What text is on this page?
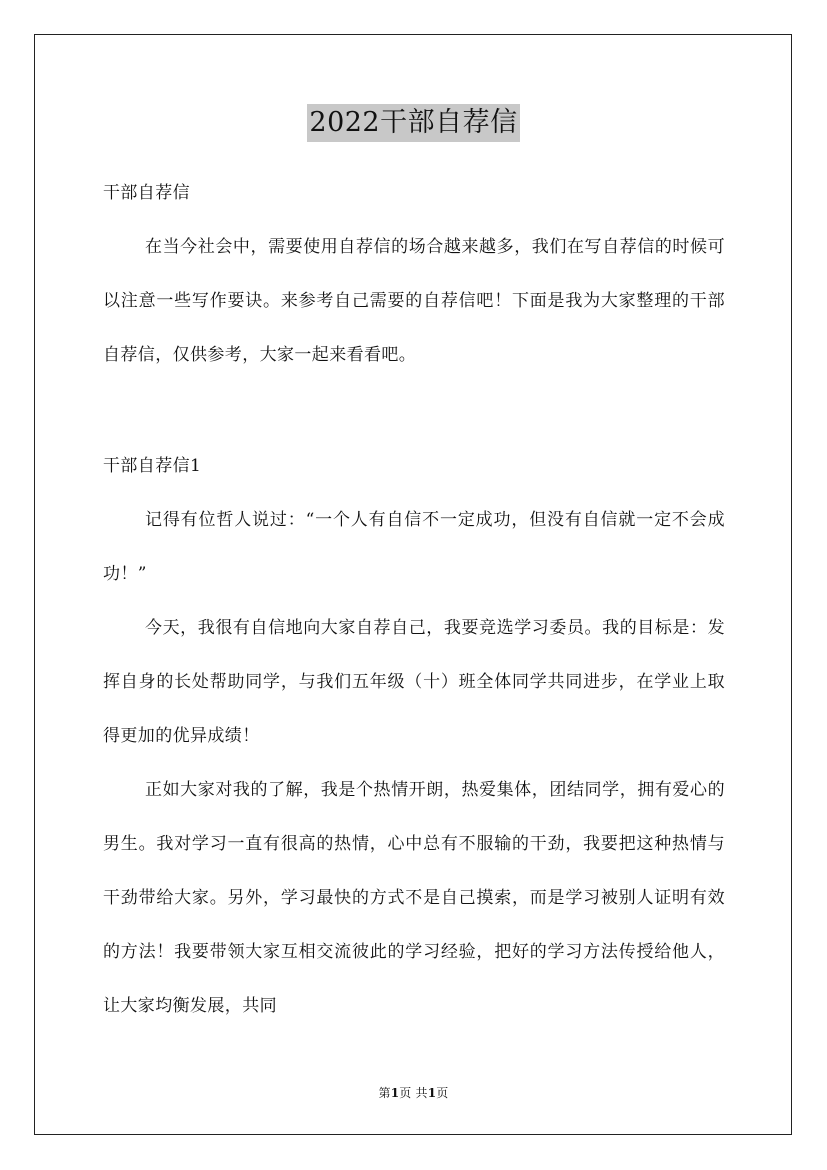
2022干部自荐信
干部自荐信

在当今社会中，需要使用自荐信的场合越来越多，我们在写自荐信的时候可以注意一些写作要诀。来参考自己需要的自荐信吧！下面是我为大家整理的干部自荐信，仅供参考，大家一起来看看吧。

干部自荐信1

记得有位哲人说过：“一个人有自信不一定成功，但没有自信就一定不会成功！”

今天，我很有自信地向大家自荐自己，我要竞选学习委员。我的目标是：发挥自身的长处帮助同学，与我们五年级（十）班全体同学共同进步，在学业上取得更加的优异成绩！

正如大家对我的了解，我是个热情开朗，热爱集体，团结同学，拥有爱心的男生。我对学习一直有很高的热情，心中总有不服输的干劲，我要把这种热情与干劲带给大家。另外，学习最快的方式不是自己摸索，而是学习被别人证明有效的方法！我要带领大家互相交流彼此的学习经验，把好的学习方法传授给他人，让大家均衡发展，共同

第1页 共1页
